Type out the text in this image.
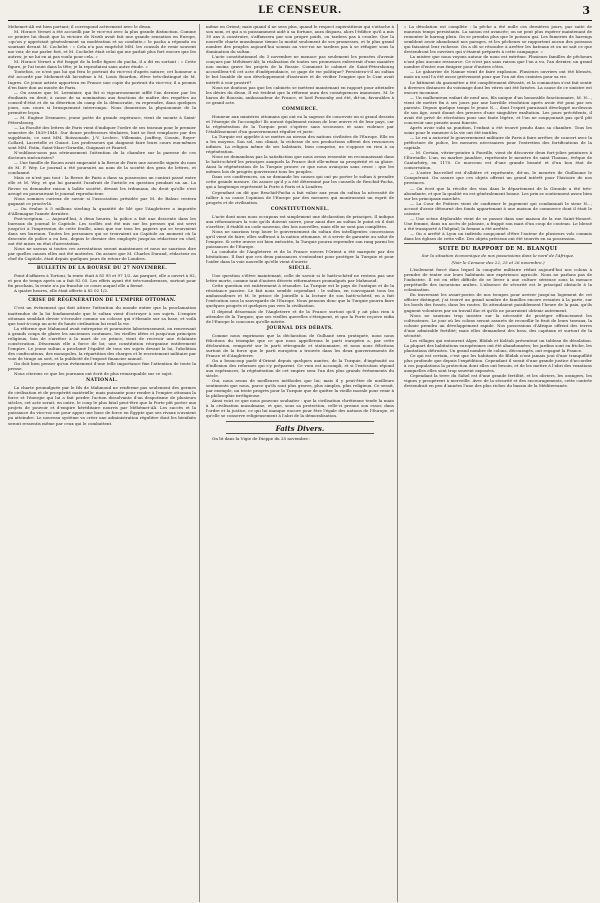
LE CENSEUR.	3

Mehemet-Ali est bien portant; il correspond activement avec le divan.

M. Horace Vernet a été accueilli par le vice-roi avec la plus grande distinction. Comme ce peintre lui disait que la victoire de Nezib avait fait une grande sensation en Europe, «qu'on y appréciait généralement sa modération et sa conduite,» le pacha a répondu en souriant devant M. Cochelet : « Cela n'a pas empêché MM. les consuls de venir souvent me voir, de me parler fort, et M. Cochelet était celui qui me parlait plus fort encore que les autres; je ne lui en ai pas voulu pour cela. »

M. Horace Vernet a été frappé de la belle figure du pacha, il a dit en sortant : « Cette figure, je l'ai toute dans la tête; je la reproduirai sans autre étude. »

Toutefois, ce n'est pas lui qui fera le portrait du vice-roi d'après nature; cet honneur a été accordé par Mehemet-Ali lui-même à M. Louis Boardon, élève très-distingué de M. Ingres. Ce jeune artiste apportera en France une copie du portrait du vice-roi; il a promis d'en faire don au musée de Paris.

— On assure que M. Lerminier, qui fut si vigoureusement sifflé l'an dernier par les étudiants en droit; à cause de sa nomination aux fonctions de maître des requêtes au conseil-d'état et de sa désertion du camp de la démocratie, va reprendre, dans quelques jours, son cours si brusquement interrompu. Nous donnerons la physionomie de la première leçon.

— M. Eugène Desmares, jeune poète de grande espérance, vient de mourir à Saint-Pétersbourg.

— La Faculté des lettres de Paris vient d'indiquer l'ordre de ses travaux pour le premier semestre de 1839-1840. Sur douze professeurs titulaires, huit se font remplacer par des suppléants; ce sont MM. Boissonade, J.-V. Leclerc, Villemain, Jouffroy, Cousin, Royer-Collard, Lacretelle et Guizot. Les professeurs qui daignent faire leurs cours eux-mêmes sont MM. Patin, Saint-Marc-Girardin, Guignaut et Fauriel.

N'oublions-nous pas sérieusement l'attention de la chambre sur la paresse de ces docteurs sinécuristes?

— Une famille de Rouen avait emprunté à la Revue de Paris une nouvelle signée du nom de M. F. Wey. Le journal a été poursuivi au nom de la société des gens de lettres, et condamné.

Mais ce n'est pas tout : la Revue de Paris a dans sa possession un contrat passé entre elle et M. Wey, et qui lui garantit l'usufruit de l'article en question pendant un an. La Revue va demander raison à ladite société, devant les tribunaux, du droit qu'elle s'est arrogé en poursuivant le journal reproducteur.

Nous sommes curieux de savoir si l'association présidée par M. de Balzac restera gagnant ce procès-là.

— On évalue à 5 millions sterling la quantité de blé que l'Angleterre a importée d'Allemagne l'année dernière.

Post-scriptum. — Aujourd'hui, à deux heures, la police a fait une descente dans les bureaux du journal le Capitole. Les scellés ont été mis sur les presses qui ont servi jusqu'ici à l'impression de cette feuille, ainsi que sur tous les papiers qui se trouvaient dans ses bureaux. Toutes les personnes qui se trouvaient au Capitole au moment où la descente de police a eu lieu, depuis le dernier des employés jusqu'au rédacteur en chef, ont été mises en état d'arrestation.

Nous ne savons si toutes ces arrestations seront maintenues et nous ne saurions dire par quelles causes elles ont été motivées. On assure que M. Charles Durand, rédacteur en chef du Capitole, était depuis quelques jours de retour de Londres.

BULLETIN DE LA BOURSE DU 27 NOVEMBRE.

Point d'affaires à Tortoni; la rente était à 81 95 et 97 1/2. Au parquet, elle a ouvert à 82, et peu de temps après on a fait 82 05. Les effets ayant été très-nombreuses, surtout pour fin prochain, la rente n'a pu franchir ce cours auquel elle a fermé.

A quatre heures, elle était offerte à 82 02 1/2.

CRISE DE RÉGÉNÉRATION DE L'EMPIRE OTTOMAN.

C'est un événement qui doit attirer l'attention du monde entier que la proclamation inattendue de la loi fondamentale que le sultan vient d'octroyer à ses sujets. L'empire ottoman semblait devoir s'écrouler comme un colosse qui s'ébranle sur sa base, et voilà que tout-à-coup un acte de haute civilisation lui rend la vie.

La réforme que Mahmoud avait entreprise et poursuivie laborieusement, en renversant à grands coups de glaive les anciennes coutumes, les vieilles idées et jusqu'aux principes religieux, loin de s'arrêter à la mort de ce prince, vient de recevoir une éclatante consécration. Désormais elle a force de loi; une constitution réorganise entièrement l'empire. Le jeune sultan a proclamé l'égalité de tous ses sujets devant la loi, l'abolition des confiscations, des monopoles, la répartition des charges et le recrutement militaire par voie de tirage au sort, et la publicité de l'exposé financier annuel.

On doit bien penser qu'un événement d'une telle importance fixe l'attention de toute la presse.

Nous citerons ce que les journaux ont écrit de plus remarquable sur ce sujet.

NATIONAL.

La charte promulguée par le fils de Mahmoud ne renferme pas seulement des germes de civilisation et de prospérité matérielle; mais puisante pour rendre à l'empire ottoman la force et l'énergie qui lui a fait perdre l'action dissolvante d'un despotisme de plusieurs siècles, cet acte serait, en outre, le coup le plus fatal peut-être que la Porte pût porter aux projets de pouvoir et d'empire héréditaire nourris par Méhémet-Ali. Les succès et la puissance du vice-roi ont pour appui une base de force en Égypte que ses rivaux n'avaient pu atteindre. Le nouveau système va créer une administration régulière dont les bienfaits seront ressentis même par ceux qui le combattent.

même en Orient; mais quand il ne sera plus, quand le respect superstitieux qui s'attache à son nom, et qui a si puissamment aidé à sa fortune, aura disparu, alors l'édifice qu'il a mis 30 ans à construire, s'affaissera par son propre poids, ou tardera pas à crouler. Que la nouvelle charte musulmane tienne la moitié seulement de ses promesses, et le plus grand nombre des peuples aujourd'hui soumis au vice-roi ne tardera pas à se réfugier sous la domination du sultan.

L'acte constitutionnel du 3 novembre ne menace pas seulement les pensées d'avenir conçues par Méhémet-Ali; la réalisation de toutes ses promesses enleverait d'une manière non moins grave les projets de la Russie. Comment le cabinet de Saint-Pétersbourg accueillera-t-il cet acte d'indépendance, ce gage de vie politique? Persistera-t-il au sultan le but louable de son développement d'instruire et de vivifier l'empire que le Czar avait intérêt à voir prostré?

Nous ne doutons pas que les cabinets se mettent maintenant en rapport pour atteindre les désirs du divan. Il est évident que la réforme aura des conséquences immenses. M. le baron de Roussin, ambassadeur de France, et lord Ponsonby ont été, dit-on, favorables à ce grand acte.

COMMERCE.

Honneur aux ministres ottomans qui ont eu la sagesse de concevoir un si grand dessein et l'énergie de l'accomplir! Ils auront également raison de leur œuvre et de leur pays, car la régénération de la Turquie peut s'opérer sans secousses et sans violence par l'établissement d'un gouvernement régulier et juste.

La Turquie est appelée à se mettre au niveau des nations civilisées de l'Europe. Elle en a les moyens. Son sol, son climat, la richesse de ses productions offrent des ressources infinies. La religion même de ses habitants, bien comprise, ne s'oppose en rien à sa régénération.

Nous ne demandons pas la satisfaction que nous avons ressentie en reconnaissant dans le hatti-schérif les principes auxquels la France doit elle-même sa prospérité et sa gloire. Ainsi la régénération de la Turquie prouve ce que nous avançons sans cesse : que les mêmes lois de progrès gouvernent tous les peuples.

Dans ces conférences, on se demande les causes qui ont pu porter le sultan à prendre cette grande mesure. On assure qu'il y a été déterminé par les conseils de Reschid-Pacha, qui a longtemps représenté la Porte à Paris et à Londres.

Cependant on dit que Reschid-Pacha a fait valoir aux yeux du sultan la nécessité de rallier à sa cause l'opinion de l'Europe par des mesures qui montrassent un esprit de progrès et de civilisation.

CONSTITUTIONNEL.

L'acte dont nous nous occupons est simplement une déclaration de principes. Il indique aux réformateurs la voie qu'ils doivent suivre, pour ainsi dire au sultan le point où il doit s'arrêter; il établit un code nouveau, des lois nouvelles, mais elle ne sont pas complètes.

Nous ne saurions trop louer le gouvernement du sultan des intelligentes concessions qu'il vient de faire; elles suffiront à la nation ottomane, et à servir de garantie au salut de l'empire. Si cette œuvre est bien exécutée, la Turquie pourra reprendre son rang parmi les puissances de l'Europe.

La conduite de l'Angleterre et de la France envers l'Orient a été marquée par des hésitations. Il faut que ces deux puissances s'entendent pour protéger la Turquie et pour l'aider dans la voie nouvelle qu'elle vient d'ouvrir.

SIÈCLE.

Une question s'élève maintenant, celle de savoir si le hatti-schérif ne restera pas une lettre morte, comme tant d'autres décrets réformateurs promulgués par Mahmoud.

Cette question est entièrement à résoudre. La Turquie est le pays de l'antique et de la résistance passive. Le fait nous semble cependant : le sultan, en convoquant tous les ambassadeurs et M. le prince de Joinville à la lecture de son hatti-schérif, en a fait l'exécution sous la sauvegarde de l'Europe. Nous pensons donc que la Turquie pourra faire quelques progrès et quelques pas vers la civilisation.

Il dépend désormais de l'Angleterre et de la France surtout qu'il y ait plus rien à attendre de la Turquie; que ses vieilles querelles s'éteignent, et que la Porte reçoive enfin de l'Europe le concours qu'elle mérite.

JOURNAL DES DÉBATS.

Comme nous exprimons que la déclaration de Gulhané sera pratiquée, nous nous félicitons du triomphe que ce que nous appellerons le parti européen a, par cette déclaration, remporté sur le parti rétrograde et stationnaire, et nous nous félicitons surtout de la force que le parti européen a trouvée dans les deux gouvernements de France et d'Angleterre.

On a beaucoup parlé d'Orient depuis quelques années, de la Turquie, d'ingénuité ou d'inflexion des reformes qui s'y préparent. Ce vœu est accompli, et si l'exécution répond aux espérances, la régénération de cet empire sera l'un des plus grands événements du siècle.

Oui, nous avons de meilleures méthodes que lui; mais il y peut-être de meilleurs sentiments que nous, parce qu'ils sont plus graves, plus simples, plus religieux. Ce serait, par exemple, un triste progrès pour la Turquie que de quitter la vieille morale pour venir à la philosophie irréligieuse.

Ainsi voici ce que nous pouvons souhaiter : que la civilisation chrétienne tende la main à la civilisation musulmane, et que, sous sa protection, celle-ci prenne son essor, dans l'ordre et la justice, ce qui lui manque encore pour être l'égale des nations de l'Europe, et qu'elle se conserve religieusement à l'abri de la démoralisation.

Faits Divers.

On lit dans la Vigie de Dieppe du 25 novembre :

« La désolation est complète : la pêche a été nulle ces dernières jours, par suite de mauvais temps persistants. La saison est avancée; on ne peut plus espérer maintenant de remonter le hareng plein. On se prendra plus que le poisson gai. Les fumeries de harengs semblent avoir abandonné nos parages, et les pêcheurs se rapportent aucun des poissons qui faisaient leur richesse. On a dû se résoudre à arrêter les bateaux et on ne sait ce que deviendront les ouvriers qui s'étaient préparés à cette campagne. »

La misère que nous voyons autour de nous est extrême. Plusieurs familles de pêcheurs n'ont plus aucune ressource. Ce n'est pas sans raison que l'on a vu, l'an dernier, un grand nombre d'entre eux émigrer pour d'autres côtes.

— Le gabarrier de Namur vient de faire explosion. Plusieurs ouvriers ont été blessés, mais un seul l'a été assez grièvement pour que l'on ait des craintes pour sa vie.

Le bâtiment du gazomètre a été complètement dévasté, et la commotion s'est fait sentir à diverses distances du voisinage dont les vitres ont été brisées. La cause de ce sinistre est encore inconnue.

— Un malheureux enfant de neuf ans, fils unique d'un honorable fonctionnaire, M. N..., vient de mettre fin à ses jours par une horrible résolution après avoir été puni par ses parents. Depuis quelque temps le jeune N..., dont l'esprit paraissait développé au-dessus de son âge, avait donné des preuves d'une singulière exaltation. Les jours précédents, il avait été privé de récréation pour une faute légère, et l'on ne soupçonnait pas qu'il pût concevoir une pensée aussi funeste.

Après avoir subi sa punition, l'enfant a été trouvé pendu dans sa chambre. Tous les soins pour le ramener à la vie ont été inutiles.

— Le roi a autorisé le gouvernement militaire de Paris à faire arrêter, de concert avec la préfecture de police, les mesures nécessaires pour l'entretien des fortifications de la capitale.

— M. Certain, vitrier-peintre à Fauville, vient de découvrir deux fort-jolies peintures à l'Étretaille. L'un, en marbre jaunâtre, représente le meurtre de saint Thomas, évêque de Cantorbéry, en 1170. Ce morceau est d'une grande beauté et d'un bon état de conservation.

— L'autre bas-relief est d'albâtre et représente, dit-on, le meurtre de Guillaume le Conquérant. On assure que ces objets offrent un grand intérêt pour l'histoire de nos provinces.

— On écrit que la récolte des vins dans le département de la Gironde a été très-abondante, et que la qualité en est généralement bonne. Les prix se soutiennent assez bien sur les principaux marchés.

— La Cour de Poitiers vient de confirmer le jugement qui condamnait le sieur N..., accusé d'avoir détourné des fonds appartenant à une maison de commerce dont il était le caissier.

— Une scène déplorable vient de se passer dans une maison de la rue Saint-Honoré. Une femme, dans un accès de jalousie, a frappé son mari d'un coup de couteau. Le blessé a été transporté à l'hôpital; la femme a été arrêtée.

— On a arrêté à Lyon un individu soupçonné d'être l'auteur de plusieurs vols commis dans les églises de cette ville. Des objets précieux ont été trouvés en sa possession.

SUITE DU RAPPORT DE M. BLANQUI
Sur la situation économique de nos possessions dans le nord de l'Afrique.
(Voir le Censeur des 22, 25 et 26 novembre.)

L'isolement forcé dans lequel la conquête militaire réduit aujourd'hui nos colons à prendre de tenter sur leurs habitants une expérience agricole. Nous ne parlons pas de l'industrie. Il est en effet difficile de se livrer à une culture sérieuse sous la menace perpétuelle des incursions arabes. L'absence de sécurité est le principal obstacle à la colonisation.

En traversant les avant-postes de nos troupes pour arriver jusqu'au logement de cet officier distingué, j'ai trouvé un grand nombre de familles encore errantes à la porte, sur les bords des fossés, dans les routes. Ils attendaient paisiblement l'heure de la paix, qu'ils gagnent volontiers par un travail dur et qu'ils ne pourraient obtenir autrement.

Nous ne saurions trop insister sur la nécessité de protéger efficacement les cultivateurs. Le jour où les colons seront assurés de recueillir le fruit de leurs travaux, la colonie prendra un développement rapide. Nos possessions d'Afrique offrent des terres d'une admirable fertilité; mais elles demandent des bras, des capitaux et surtout de la sécurité.

Les villages qui entourent Alger, Blidah et Koléah présentent un tableau de désolation. La plupart des habitations européennes ont été abandonnées; les jardins sont en friche, les plantations détruites. Un grand nombre de colons, découragés, ont regagné la France.

Ce qui est certain, c'est que les habitants de Blidah n'ont jamais joui d'une tranquillité plus profonde que depuis l'expédition. Cependant il serait d'une grande justice d'accorder à ces populations la protection dont elles ont besoin, et de les mettre à l'abri des vexations auxquelles elles sont trop souvent exposées.

Cependant la terre du Sahel est d'une grande fertilité, et les oliviers, les orangers, les vignes y prospèrent à merveille. Avec de la sécurité et des encouragements, cette contrée deviendrait en peu d'années l'une des plus riches du bassin de la Méditerranée.
